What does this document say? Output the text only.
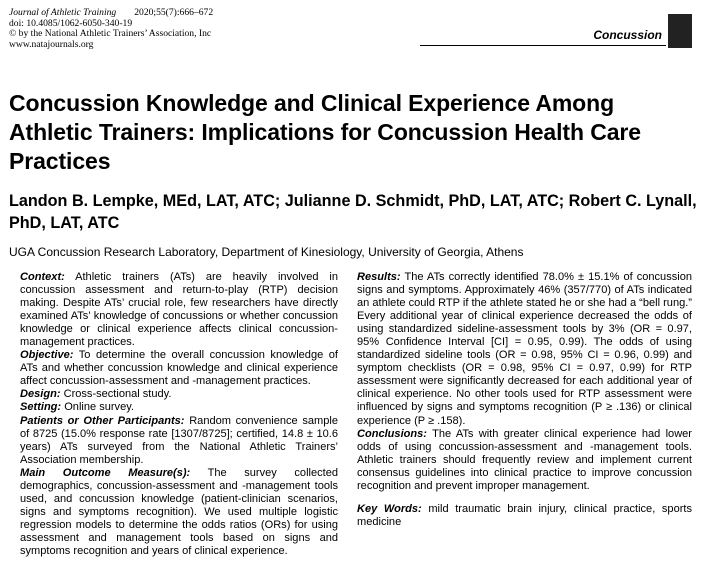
Journal of Athletic Training 2020;55(7):666–672
doi: 10.4085/1062-6050-340-19
© by the National Athletic Trainers’ Association, Inc
www.natajournals.org
Concussion
Concussion Knowledge and Clinical Experience Among Athletic Trainers: Implications for Concussion Health Care Practices
Landon B. Lempke, MEd, LAT, ATC; Julianne D. Schmidt, PhD, LAT, ATC; Robert C. Lynall, PhD, LAT, ATC
UGA Concussion Research Laboratory, Department of Kinesiology, University of Georgia, Athens

Context: Athletic trainers (ATs) are heavily involved in concussion assessment and return-to-play (RTP) decision making. Despite ATs’ crucial role, few researchers have directly examined ATs’ knowledge of concussions or whether concussion knowledge or clinical experience affects clinical concussion-management practices.

Objective: To determine the overall concussion knowledge of ATs and whether concussion knowledge and clinical experience affect concussion-assessment and -management practices.

Design: Cross-sectional study.

Setting: Online survey.

Patients or Other Participants: Random convenience sample of 8725 (15.0% response rate [1307/8725]; certified, 14.8 ± 10.6 years) ATs surveyed from the National Athletic Trainers’ Association membership.

Main Outcome Measure(s): The survey collected demographics, concussion-assessment and -management tools used, and concussion knowledge (patient-clinician scenarios, signs and symptoms recognition). We used multiple logistic regression models to determine the odds ratios (ORs) for using assessment and management tools based on signs and symptoms recognition and years of clinical experience.

Results: The ATs correctly identified 78.0% ± 15.1% of concussion signs and symptoms. Approximately 46% (357/770) of ATs indicated an athlete could RTP if the athlete stated he or she had a “bell rung.” Every additional year of clinical experience decreased the odds of using standardized sideline-assessment tools by 3% (OR = 0.97, 95% Confidence Interval [CI] = 0.95, 0.99). The odds of using standardized sideline tools (OR = 0.98, 95% CI = 0.96, 0.99) and symptom checklists (OR = 0.98, 95% CI = 0.97, 0.99) for RTP assessment were significantly decreased for each additional year of clinical experience. No other tools used for RTP assessment were influenced by signs and symptoms recognition (P ≥ .136) or clinical experience (P ≥ .158).

Conclusions: The ATs with greater clinical experience had lower odds of using concussion-assessment and -management tools. Athletic trainers should frequently review and implement current consensus guidelines into clinical practice to improve concussion recognition and prevent improper management.

Key Words: mild traumatic brain injury, clinical practice, sports medicine
